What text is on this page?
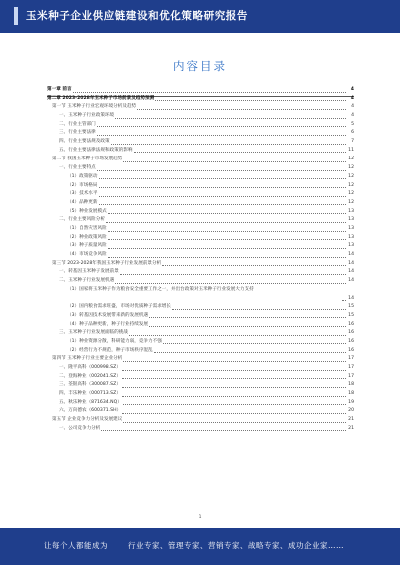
玉米种子企业供应链建设和优化策略研究报告
内容目录
第一章 前言	4
第二章 2023-2028年玉米种子市场前景及趋势预测	4
第一节 玉米种子行业宏观环境分析及趋势	4
一、玉米种子行业政策环境	4
二、行业主管部门	5
三、行业主要法律	6
四、行业主要法规及政策	7
五、行业主要法律法规和政策的影响	11
第二节 我国玉米种子市场发展趋势	12
一、行业主要特点	12
（1）政策驱动	12
（2）市场格局	12
（3）技术水平	12
（4）品种更新	12
（5）种业发展模式	13
二、行业主要风险分析	13
（1）自然灾害风险	13
（2）种业政策风险	13
（3）种子质量风险	13
（4）市场竞争风险	14
第三节 2023-2028年我国玉米种子行业发展前景分析	14
一、转基因玉米种子发展前景	14
二、玉米种子行业发展机遇	14
（1）国家将玉米种子作为粮食安全重要工作之一，并出台政策对玉米种子行业发展大力支持
14
（2）国内粮食需求旺盛，市场对优质种子需求增长	15
（3）转基因技术发展带来新的发展机遇	15
（4）种子品种更新，种子行业持续发展	16
三、玉米种子行业发展面临的挑战	16
（1）种业资源分散，科研能力弱，竞争力不强	16
（2）经营行为不规范，种子市场秩序混乱	16
第四节 玉米种子行业主要企业分析	17
一、隆平高科（000998.SZ）	17
二、登海种业（002041.SZ）	17
三、荃银高科（300087.SZ）	18
四、丰乐种业（000713.SZ）	18
五、秋乐种业（871634.NQ）	19
六、万向德农（600371.SH）	20
第五节 企业竞争力分析及发展建议	21
一、公司竞争力分析	21
1
让每个人都能成为	行业专家、管理专家、营销专家、战略专家、成功企业家……
